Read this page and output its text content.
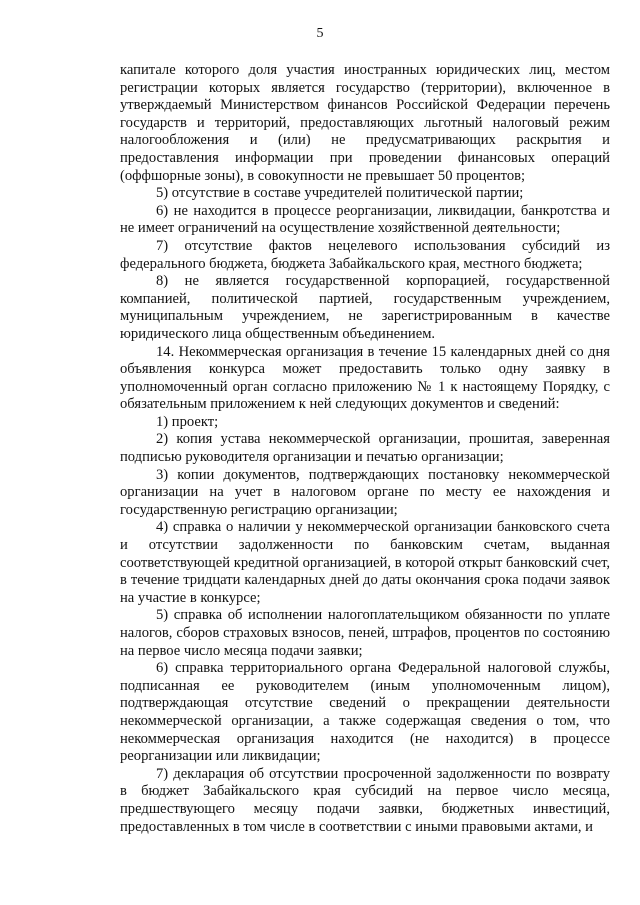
5

капитале которого доля участия иностранных юридических лиц, местом регистрации которых является государство (территории), включенное в утверждаемый Министерством финансов Российской Федерации перечень государств и территорий, предоставляющих льготный налоговый режим налогообложения и (или) не предусматривающих раскрытия и предоставления информации при проведении финансовых операций (оффшорные зоны), в совокупности не превышает 50 процентов;

5) отсутствие в составе учредителей политической партии;

6) не находится в процессе реорганизации, ликвидации, банкротства и не имеет ограничений на осуществление хозяйственной деятельности;

7) отсутствие фактов нецелевого использования субсидий из федерального бюджета, бюджета Забайкальского края, местного бюджета;

8) не является государственной корпорацией, государственной компанией, политической партией, государственным учреждением, муниципальным учреждением, не зарегистрированным в качестве юридического лица общественным объединением.

14. Некоммерческая организация в течение 15 календарных дней со дня объявления конкурса может предоставить только одну заявку в уполномоченный орган согласно приложению № 1 к настоящему Порядку, с обязательным приложением к ней следующих документов и сведений:

1) проект;

2) копия устава некоммерческой организации, прошитая, заверенная подписью руководителя организации и печатью организации;

3) копии документов, подтверждающих постановку некоммерческой организации на учет в налоговом органе по месту ее нахождения и государственную регистрацию организации;

4) справка о наличии у некоммерческой организации банковского счета и отсутствии задолженности по банковским счетам, выданная соответствующей кредитной организацией, в которой открыт банковский счет, в течение тридцати календарных дней до даты окончания срока подачи заявок на участие в конкурсе;

5) справка об исполнении налогоплательщиком обязанности по уплате налогов, сборов страховых взносов, пеней, штрафов, процентов по состоянию на первое число месяца подачи заявки;

6) справка территориального органа Федеральной налоговой службы, подписанная ее руководителем (иным уполномоченным лицом), подтверждающая отсутствие сведений о прекращении деятельности некоммерческой организации, а также содержащая сведения о том, что некоммерческая организация находится (не находится) в процессе реорганизации или ликвидации;

7) декларация об отсутствии просроченной задолженности по возврату в бюджет Забайкальского края субсидий на первое число месяца, предшествующего месяцу подачи заявки, бюджетных инвестиций, предоставленных в том числе в соответствии с иными правовыми актами, и
